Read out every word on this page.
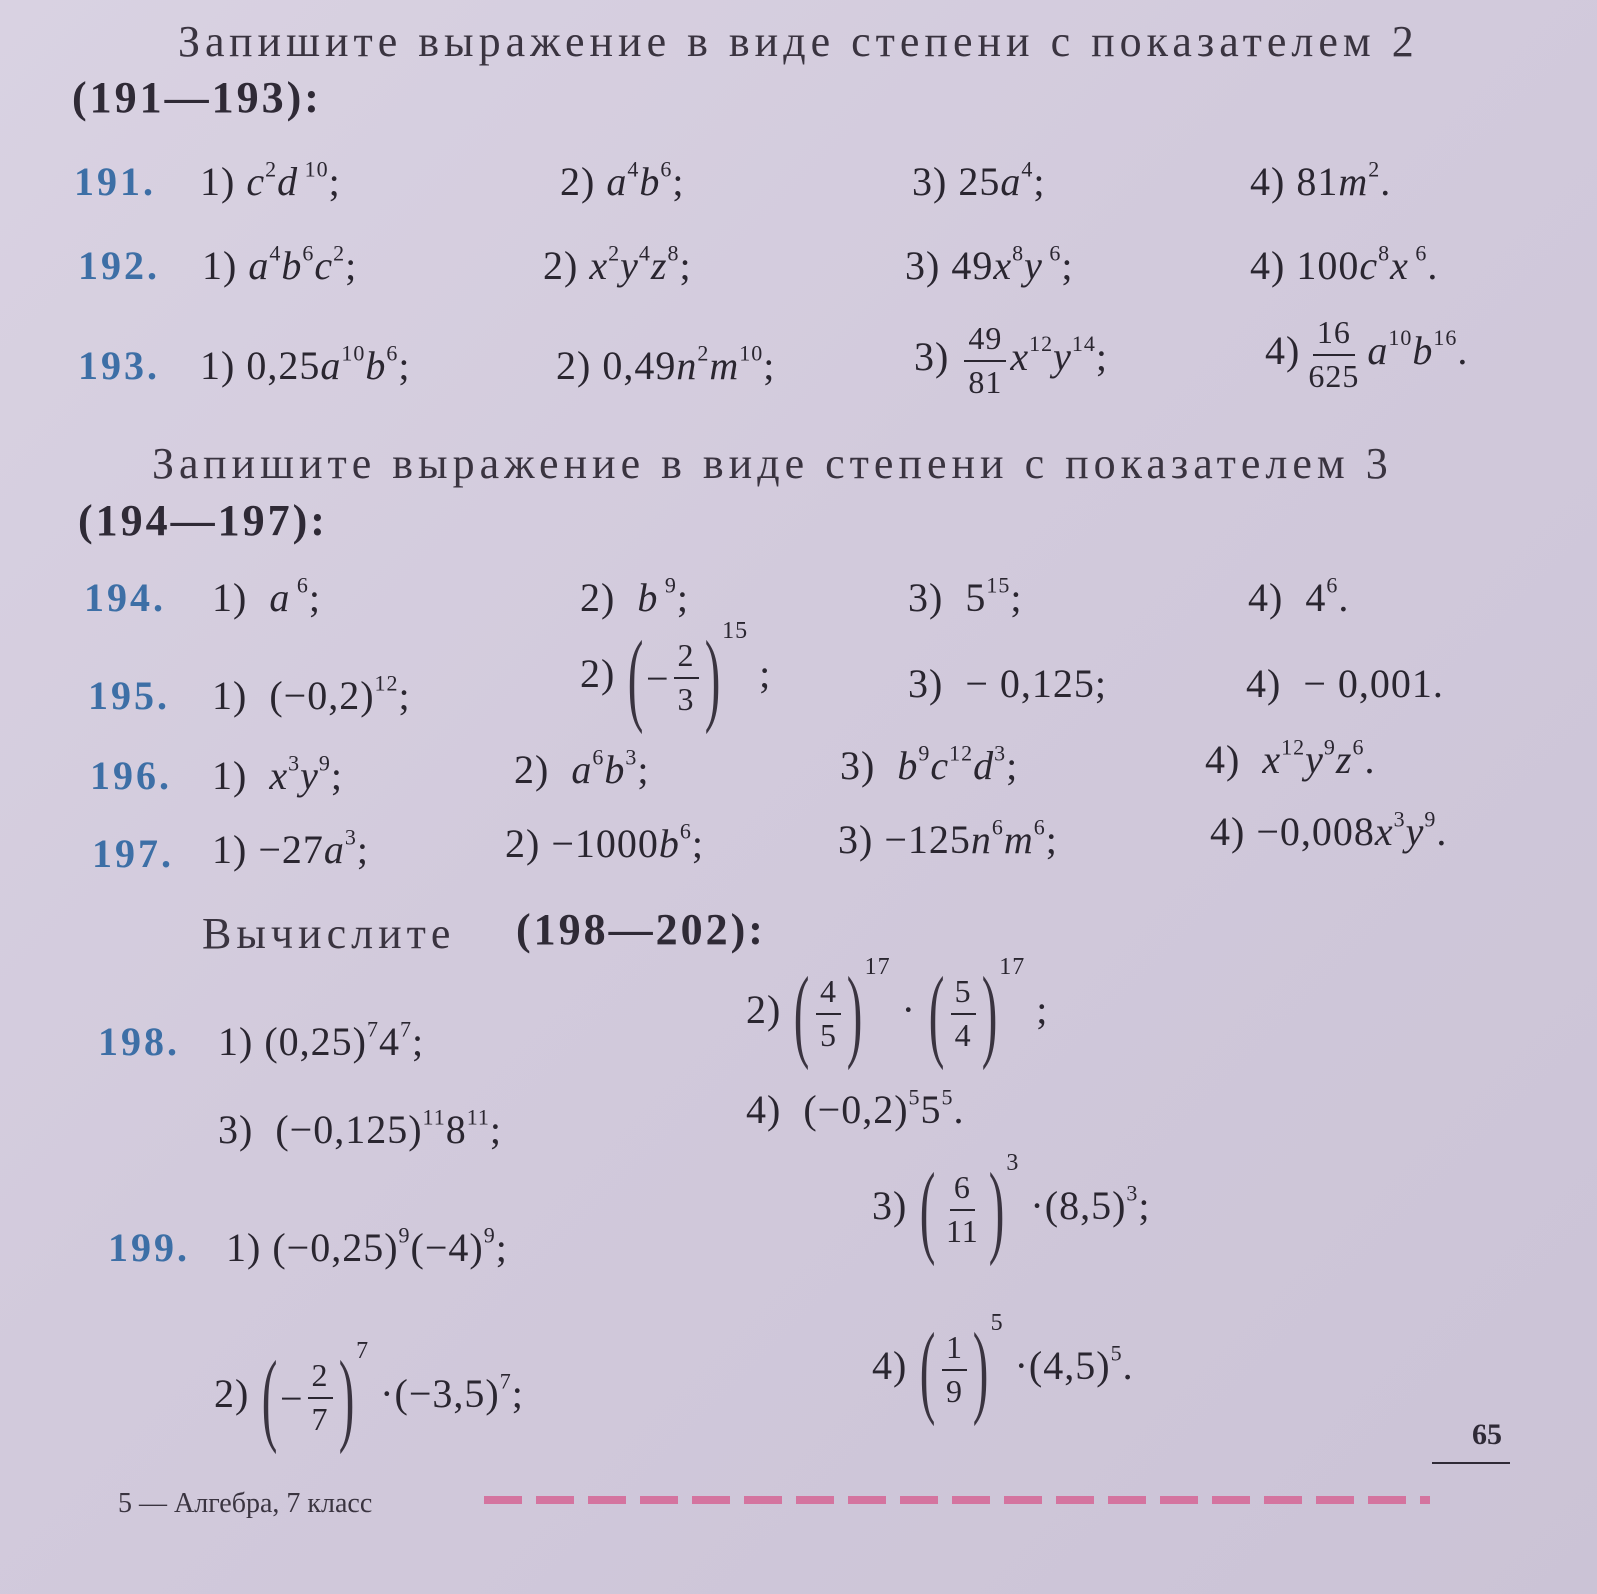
Запишите выражение в виде степени с показателем 2
(191—193):
191. 1) $c^2d$ $^{10}$;	2) $a^4b^6$;	3) $25a^4$;	4) $81m^2$.
192. 1) $a^4b^6c^2$;	2) $x^2y^4z^8$;	3) $49x^8y$ $^6$;	4) $100c^8x$ $^6$.
193. 1) $0,25a^{10}b^6$;	2) $0,49n^2m^{10}$;	$3) \frac{49}{81} x^{12}y^{14}$;	$4) \frac{16}{625} a^{10}b^{16}$.
Запишите выражение в виде степени с показателем 3
(194—197):
194. 1)  a $^6$;	2)  b $^9$;	3)  $5^{15}$;	4)  $4^6$.
195. 1)  $(-0,2)^{12}$;	2) ( − $\frac{2}{3}$ ) $^{15}$ ;	3)  − 0,125;	4)  − 0,001.
196. 1)  $x^3y^9$;	2)  $a^6b^3$;	3)  $b^9c^{12}d^3$;	4)  $x^{12}y^9z^6$.
197. $1) -27a^3$;	$2) -1000b^6$;	$3) -125n^6m^6$;	$4) -0,008x^3y^9$.
Вычислите (198—202):
198. 1) $(0,25)^74^7$;
2) ( $\frac{4}{5}$ ) $^{17}$ · ( $\frac{5}{4}$ ) $^{17}$ ;
3)  $(-0,125)^{11}8^{11}$;	4)  $(-0,2)^55^5$.
199. 1) $(-0,25)^9(-4)^9$;
3) ( $\frac{6}{11}$ ) $^3 \cdot(8,5)^3$;
2) ( − $\frac{2}{7}$ ) $^7 \cdot(-3,5)^7$;
4) ( $\frac{1}{9}$ ) $^5 \cdot(4,5)^5$.
5 — Алгебра, 7 класс
65
